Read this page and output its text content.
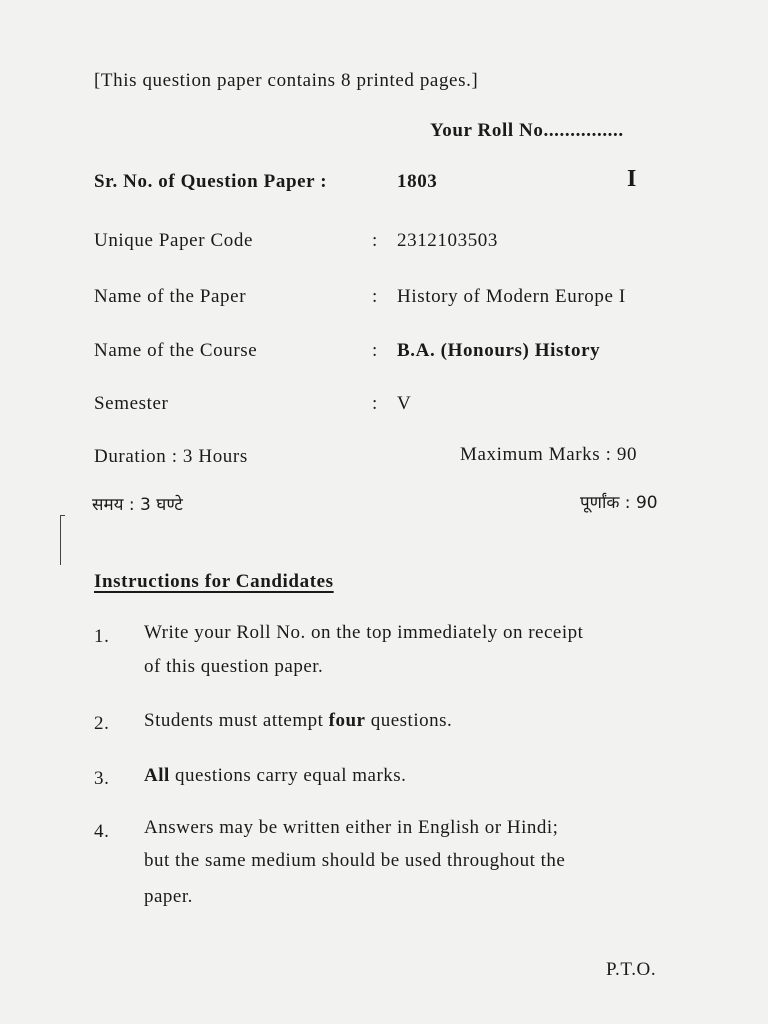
[This question paper contains 8 printed pages.]
Your Roll No...............
Sr. No. of Question Paper :	1803	I
Unique Paper Code	: 2312103503
Name of the Paper	: History of Modern Europe I
Name of the Course	: B.A. (Honours) History
Semester	: V
Duration : 3 Hours	Maximum Marks : 90
समय : 3 घण्टे	पूर्णांक : 90
Instructions for Candidates
1.	Write your Roll No. on the top immediately on receipt
of this question paper.
2.	Students must attempt four questions.
3.	All questions carry equal marks.
4.	Answers may be written either in English or Hindi;
but the same medium should be used throughout the
paper.
P.T.O.
